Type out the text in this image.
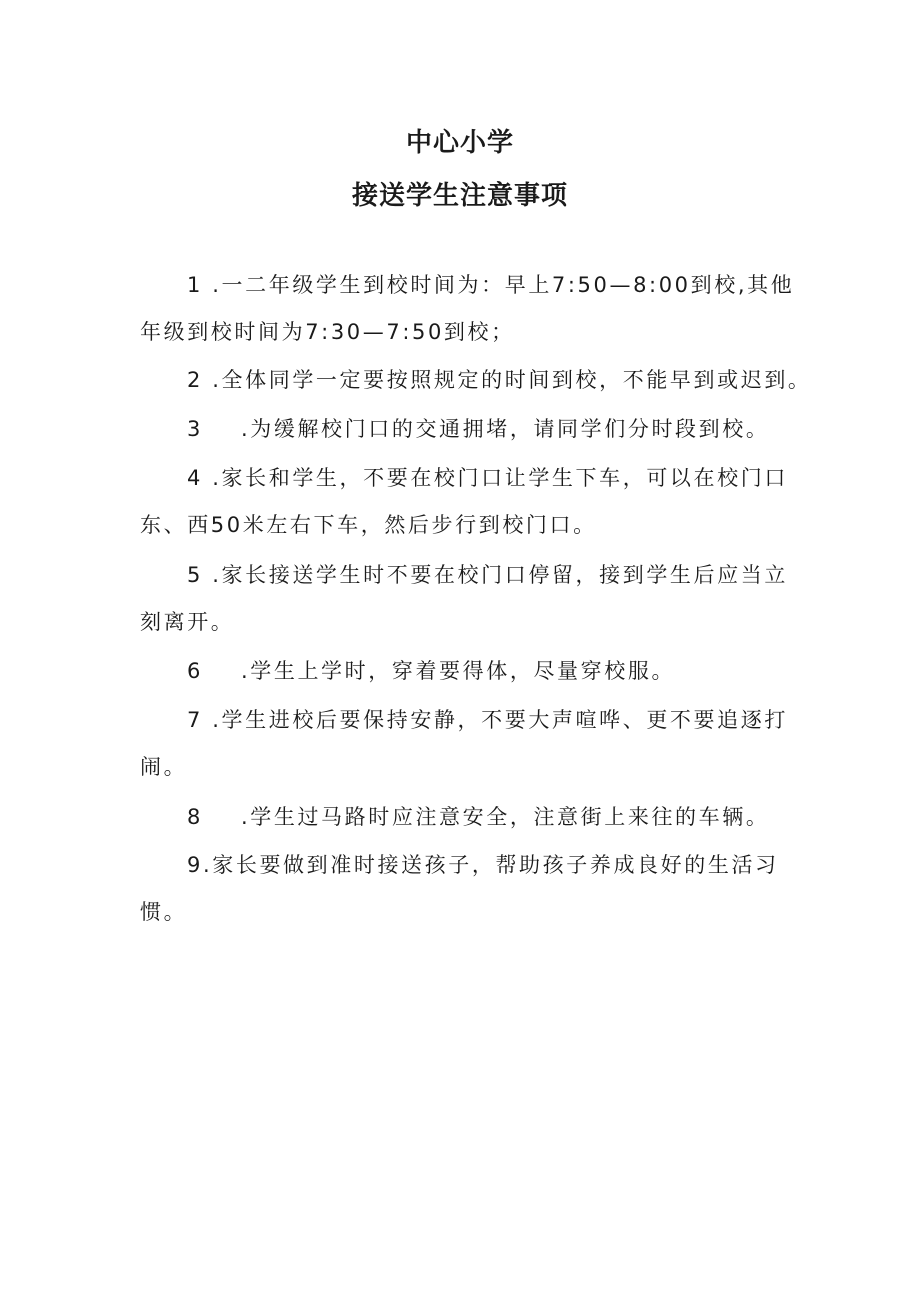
中心小学
接送学生注意事项
1 .一二年级学生到校时间为：早上7:50—8:00到校,其他
年级到校时间为7:30—7:50到校；
2 .全体同学一定要按照规定的时间到校，不能早到或迟到。
3 .为缓解校门口的交通拥堵，请同学们分时段到校。
4 .家长和学生，不要在校门口让学生下车，可以在校门口
东、西50米左右下车，然后步行到校门口。
5 .家长接送学生时不要在校门口停留，接到学生后应当立
刻离开。
6 .学生上学时，穿着要得体，尽量穿校服。
7 .学生进校后要保持安静，不要大声喧哗、更不要追逐打
闹。
8 .学生过马路时应注意安全，注意街上来往的车辆。
9.家长要做到准时接送孩子，帮助孩子养成良好的生活习
惯。
